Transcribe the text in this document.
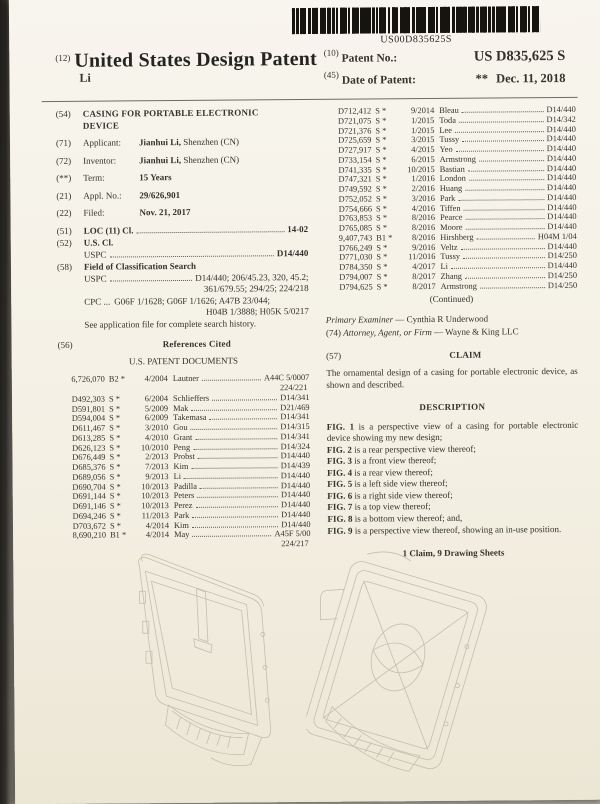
US00D835625S
$^{(12)}$ United States Design Patent
Li
$^{(10)}$ Patent No.:	US D835,625 S
$^{(45)}$ Date of Patent:	** Dec. 11, 2018
(54)	CASING FOR PORTABLE ELECTRONIC DEVICE
(71)	Applicant:	Jianhui Li, Shenzhen (CN)
(72)	Inventor:	Jianhui Li, Shenzhen (CN)
(**)	Term:	15 Years
(21)	Appl. No.:	29/626,901
(22)	Filed:	Nov. 21, 2017
(51)	LOC (11) Cl.	14-02
(52)	U.S. Cl.
USPC	D14/440
(58)	Field of Classification Search
USPC	D14/440; 206/45.23, 320, 45.2;
361/679.55; 294/25; 224/218
CPC ... G06F 1/1628; G06F 1/1626; A47B 23/044;
H04B 1/3888; H05K 5/0217
See application file for complete search history.
(56)	References Cited
U.S. PATENT DOCUMENTS
6,726,070 B2 *	4/2004 Lautner	A44C 5/0007
224/221
D492,303 S *	6/2004 Schlieffers	D14/341
D591,801 S *	5/2009 Mak	D21/469
D594,004 S *	6/2009 Takemasa	D14/341
D611,467 S *	3/2010 Gou	D14/315
D613,285 S *	4/2010 Grant	D14/341
D626,123 S *	10/2010 Peng	D14/324
D676,449 S *	2/2013 Probst	D14/440
D685,376 S *	7/2013 Kim	D14/439
D689,056 S *	9/2013 Li	D14/440
D690,704 S *	10/2013 Padilla	D14/440
D691,144 S *	10/2013 Peters	D14/440
D691,146 S *	10/2013 Perez	D14/440
D694,246 S *	11/2013 Park	D14/440
D703,672 S *	4/2014 Kim	D14/440
8,690,210 B1 *	4/2014 May	A45F 5/00
224/217
D712,412 S *	9/2014 Bleau	D14/440
D721,075 S *	1/2015 Toda	D14/342
D721,376 S *	1/2015 Lee	D14/440
D725,659 S *	3/2015 Tussy	D14/440
D727,917 S *	4/2015 Yeo	D14/440
D733,154 S *	6/2015 Armstrong	D14/440
D741,335 S *	10/2015 Bastian	D14/440
D747,321 S *	1/2016 London	D14/440
D749,592 S *	2/2016 Huang	D14/440
D752,052 S *	3/2016 Park	D14/440
D754,666 S *	4/2016 Tiffen	D14/440
D763,853 S *	8/2016 Pearce	D14/440
D765,085 S *	8/2016 Moore	D14/440
9,407,743 B1 *	8/2016 Hirshberg	H04M 1/04
D766,249 S *	9/2016 Veltz	D14/440
D771,030 S *	11/2016 Tussy	D14/250
D784,350 S *	4/2017 Li	D14/440
D794,007 S *	8/2017 Zhang	D14/250
D794,625 S *	8/2017 Armstrong	D14/250
(Continued)
Primary Examiner — Cynthia R Underwood
(74) Attorney, Agent, or Firm — Wayne & King LLC
(57)	CLAIM
The ornamental design of a casing for portable electronic device, as shown and described.
DESCRIPTION
FIG. 1 is a perspective view of a casing for portable electronic device showing my new design;
FIG. 2 is a rear perspective view thereof;
FIG. 3 is a front view thereof;
FIG. 4 is a rear view thereof;
FIG. 5 is a left side view thereof;
FIG. 6 is a right side view thereof;
FIG. 7 is a top view thereof;
FIG. 8 is a bottom view thereof; and,
FIG. 9 is a perspective view thereof, showing an in-use position.
1 Claim, 9 Drawing Sheets
